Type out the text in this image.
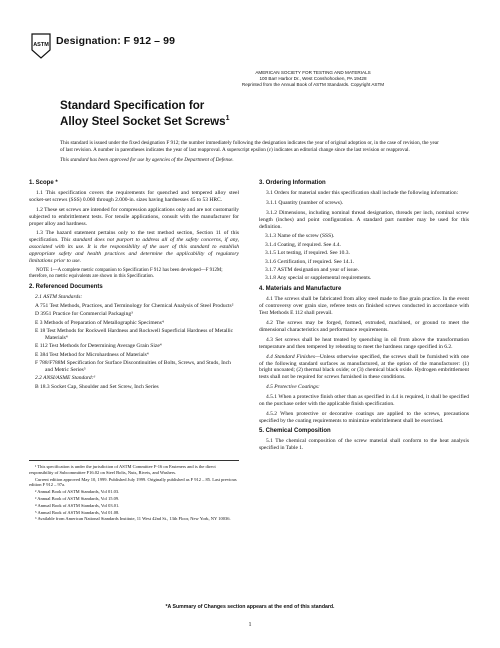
ASTM Designation: F 912 – 99
AMERICAN SOCIETY FOR TESTING AND MATERIALS
100 Barr Harbor Dr., West Conshohocken, PA 19428
Reprinted from the Annual Book of ASTM Standards. Copyright ASTM
Standard Specification for
Alloy Steel Socket Set Screws$^1$

This standard is issued under the fixed designation F 912; the number immediately following the designation indicates the year of original adoption or, in the case of revision, the year of last revision. A number in parentheses indicates the year of last reapproval. A superscript epsilon (ε) indicates an editorial change since the last revision or reapproval.

This standard has been approved for use by agencies of the Department of Defense.

1. Scope *

1.1 This specification covers the requirements for quenched and tempered alloy steel socket-set screws (SSS) 0.060 through 2.000-in. sizes having hardnesses 45 to 53 HRC.

1.2 These set screws are intended for compression applications only and are not customarily subjected to embrittlement tests. For tensile applications, consult with the manufacturer for proper alloy and hardness.

1.3 The hazard statement pertains only to the test method section, Section 11 of this specification. This standard does not purport to address all of the safety concerns, if any, associated with its use. It is the responsibility of the user of this standard to establish appropriate safety and health practices and determine the applicability of regulatory limitations prior to use.

NOTE 1—A complete metric companion to Specification F 912 has been developed—F 912M; therefore, no metric equivalents are shown in this Specification.

2. Referenced Documents
2.1 ASTM Standards:
A 751 Test Methods, Practices, and Terminology for Chemical Analysis of Steel Products²
D 3951 Practice for Commercial Packaging³
E 3 Methods of Preparation of Metallographic Specimens⁴
E 18 Test Methods for Rockwell Hardness and Rockwell Superficial Hardness of Metallic Materials⁴
E 112 Test Methods for Determining Average Grain Size⁴
E 384 Test Method for Microhardness of Materials⁴
F 788/F788M Specification for Surface Discontinuities of Bolts, Screws, and Studs, Inch and Metric Series⁵
2.2 ANSI/ASME Standard:⁶
B 18.3 Socket Cap, Shoulder and Set Screw, Inch Series

¹ This specification is under the jurisdiction of ASTM Committee F-16 on Fasteners and is the direct responsibility of Subcommittee F16.02 on Steel Bolts, Nuts, Rivets, and Washers.

Current edition approved May 10, 1999. Published July 1999. Originally published as F 912 – 85. Last previous edition F 912 – 97a.

² Annual Book of ASTM Standards, Vol 01.03.

³ Annual Book of ASTM Standards, Vol 15.09.

⁴ Annual Book of ASTM Standards, Vol 03.01.

⁵ Annual Book of ASTM Standards, Vol 01.08.

⁶ Available from American National Standards Institute, 11 West 42nd St., 13th Floor, New York, NY 10036.

3. Ordering Information

3.1 Orders for material under this specification shall include the following information:

3.1.1 Quantity (number of screws).

3.1.2 Dimensions, including nominal thread designation, threads per inch, nominal screw length (inches) and point configuration. A standard part number may be used for this definition.

3.1.3 Name of the screw (SSS).
3.1.4 Coating, if required. See 4.4.
3.1.5 Lot testing, if required. See 10.3.
3.1.6 Certification, if required. See 14.1.
3.1.7 ASTM designation and year of issue.
3.1.8 Any special or supplemental requirements.
4. Materials and Manufacture

4.1 The screws shall be fabricated from alloy steel made to fine grain practice. In the event of controversy over grain size, referee tests on finished screws conducted in accordance with Test Methods E 112 shall prevail.

4.2 The screws may be forged, formed, extruded, machined, or ground to meet the dimensional characteristics and performance requirements.

4.3 Set screws shall be heat treated by quenching in oil from above the transformation temperature and then tempered by reheating to meet the hardness range specified in 6.2.

4.4 Standard Finishes—Unless otherwise specified, the screws shall be furnished with one of the following standard surfaces as manufactured, at the option of the manufacturer: (1) bright uncoated; (2) thermal black oxide; or (3) chemical black oxide. Hydrogen embrittlement tests shall not be required for screws furnished in these conditions.

4.5 Protective Coatings:

4.5.1 When a protective finish other than as specified in 4.4 is required, it shall be specified on the purchase order with the applicable finish specification.

4.5.2 When protective or decorative coatings are applied to the screws, precautions specified by the coating requirements to minimize embrittlement shall be exercised.

5. Chemical Composition

5.1 The chemical composition of the screw material shall conform to the heat analysis specified in Table 1.

*A Summary of Changes section appears at the end of this standard.
1
